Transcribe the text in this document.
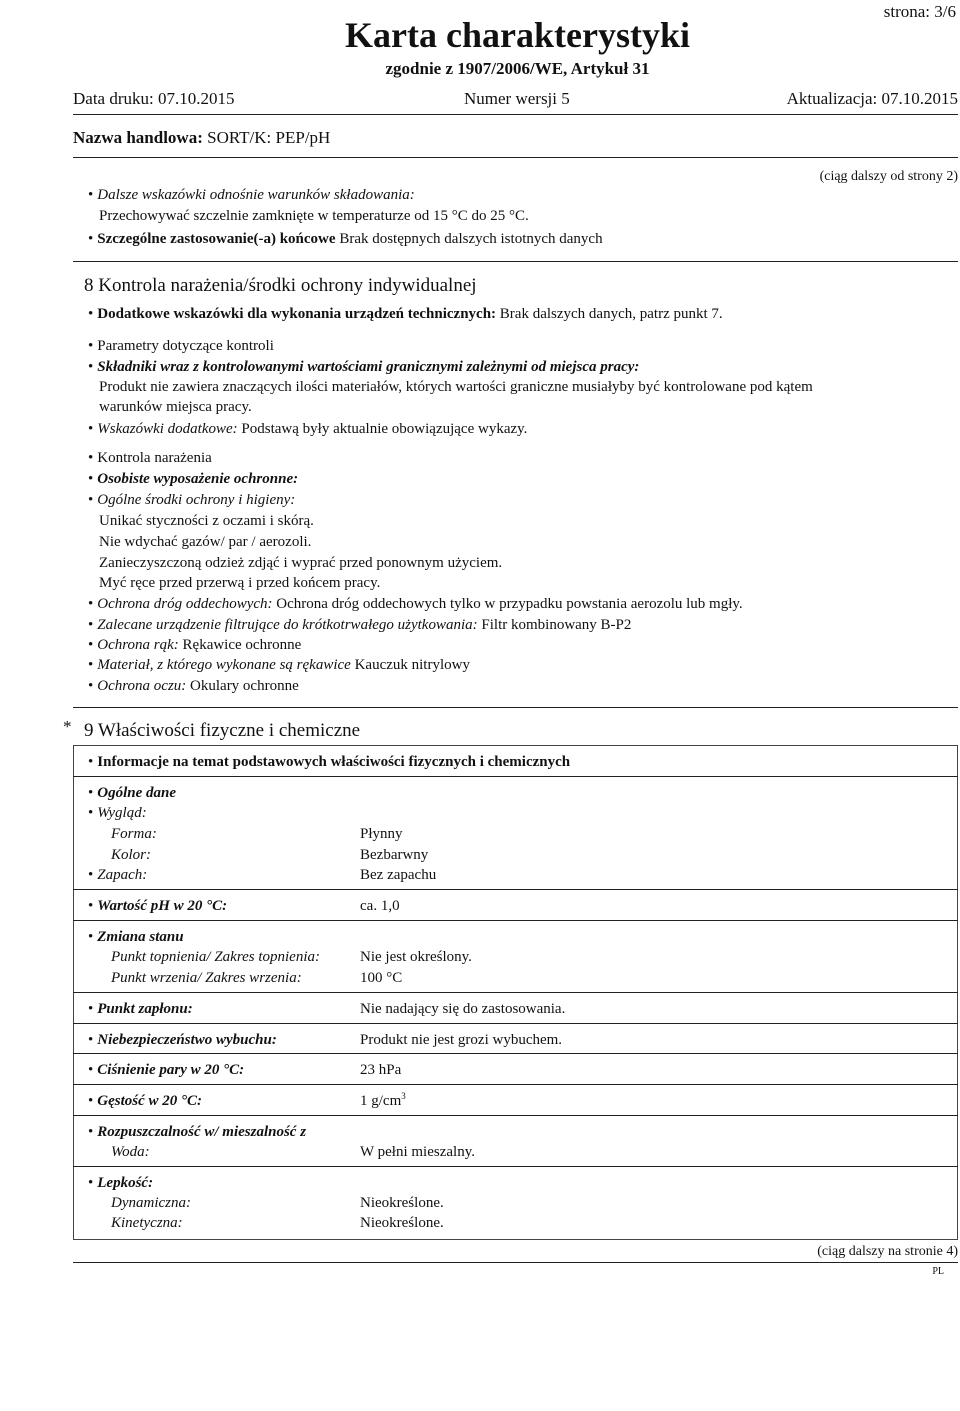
strona: 3/6
Karta charakterystyki
zgodnie z 1907/2006/WE, Artykuł 31
Data druku: 07.10.2015	Numer wersji 5	Aktualizacja: 07.10.2015
Nazwa handlowa: SORT/K: PEP/pH
(ciąg dalszy od strony 2)
• Dalsze wskazówki odnośnie warunków składowania:
Przechowywać szczelnie zamknięte w temperaturze od 15 °C do 25 °C.
• Szczególne zastosowanie(-a) końcowe Brak dostępnych dalszych istotnych danych
8 Kontrola narażenia/środki ochrony indywidualnej
• Dodatkowe wskazówki dla wykonania urządzeń technicznych: Brak dalszych danych, patrz punkt 7.
• Parametry dotyczące kontroli
• Składniki wraz z kontrolowanymi wartościami granicznymi zależnymi od miejsca pracy:
Produkt nie zawiera znaczących ilości materiałów, których wartości graniczne musiałyby być kontrolowane pod kątem
warunków miejsca pracy.
• Wskazówki dodatkowe: Podstawą były aktualnie obowiązujące wykazy.
• Kontrola narażenia
• Osobiste wyposażenie ochronne:
• Ogólne środki ochrony i higieny:
Unikać styczności z oczami i skórą.
Nie wdychać gazów/ par / aerozoli.
Zanieczyszczoną odzież zdjąć i wyprać przed ponownym użyciem.
Myć ręce przed przerwą i przed końcem pracy.
• Ochrona dróg oddechowych: Ochrona dróg oddechowych tylko w przypadku powstania aerozolu lub mgły.
• Zalecane urządzenie filtrujące do krótkotrwałego użytkowania: Filtr kombinowany B-P2
• Ochrona rąk: Rękawice ochronne
• Materiał, z którego wykonane są rękawice Kauczuk nitrylowy
• Ochrona oczu: Okulary ochronne
* 9 Właściwości fizyczne i chemiczne
• Informacje na temat podstawowych właściwości fizycznych i chemicznych
• Ogólne dane
• Wygląd:
Forma:	Płynny
Kolor:	Bezbarwny
• Zapach:	Bez zapachu
• Wartość pH w 20 °C:	ca. 1,0
• Zmiana stanu
Punkt topnienia/ Zakres topnienia:	Nie jest określony.
Punkt wrzenia/ Zakres wrzenia:	100 °C
• Punkt zapłonu:	Nie nadający się do zastosowania.
• Niebezpieczeństwo wybuchu:	Produkt nie jest grozi wybuchem.
• Ciśnienie pary w 20 °C:	23 hPa
• Gęstość w 20 °C:	1 $g/cm^3$
• Rozpuszczalność w/ mieszalność z
Woda:	W pełni mieszalny.
• Lepkość:
Dynamiczna:	Nieokreślone.
Kinetyczna:	Nieokreślone.
(ciąg dalszy na stronie 4)
PL
